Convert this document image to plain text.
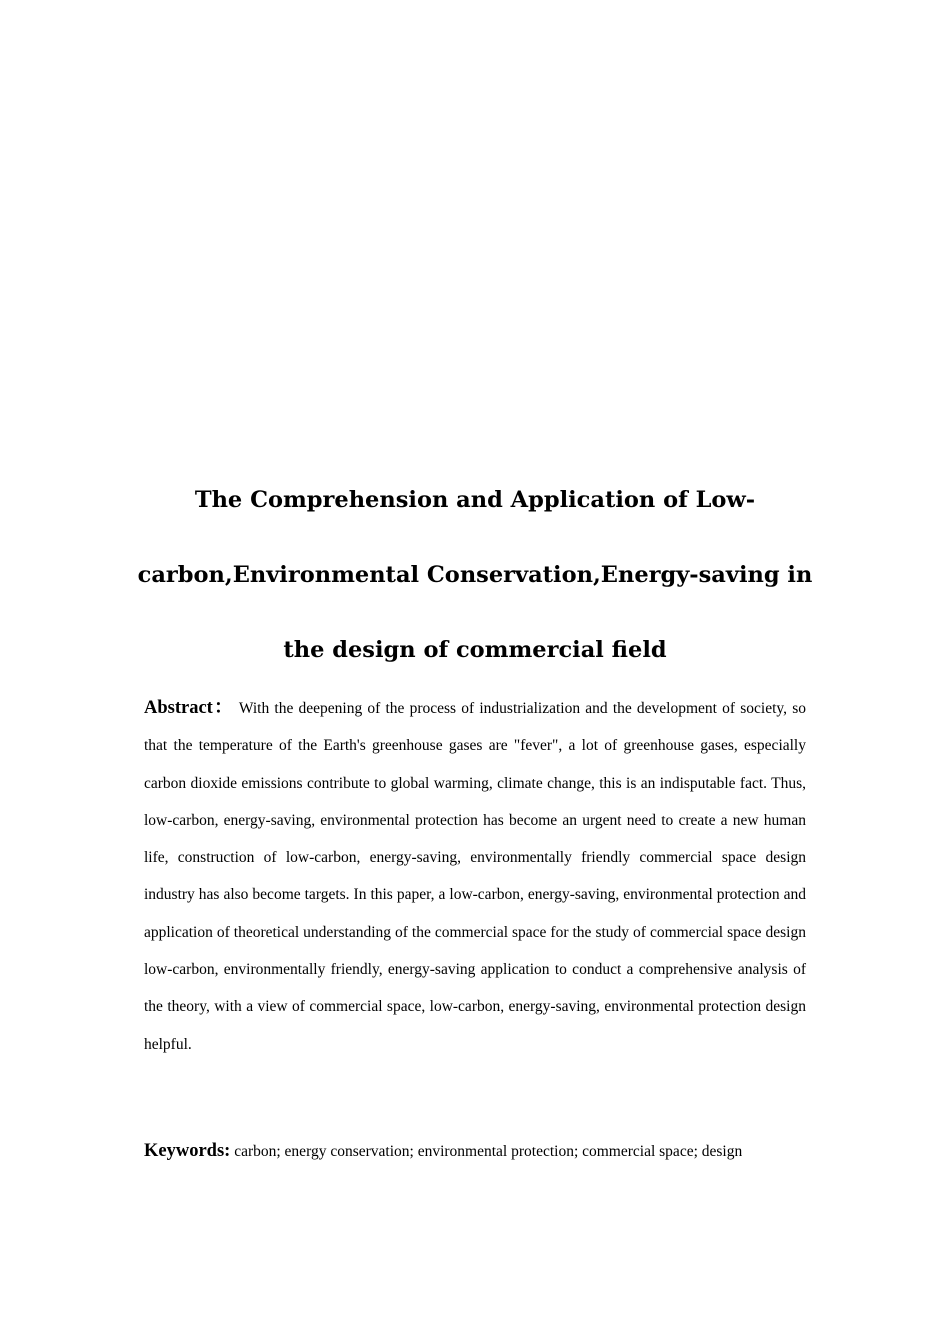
The Comprehension and Application of Low-
carbon,Environmental Conservation,Energy-saving in
the design of commercial field

Abstract： With the deepening of the process of industrialization and the development of society, so that the temperature of the Earth's greenhouse gases are "fever", a lot of greenhouse gases, especially carbon dioxide emissions contribute to global warming, climate change, this is an indisputable fact. Thus, low-carbon, energy-saving, environmental protection has become an urgent need to create a new human life, construction of low-carbon, energy-saving, environmentally friendly commercial space design industry has also become targets. In this paper, a low-carbon, energy-saving, environmental protection and application of theoretical understanding of the commercial space for the study of commercial space design low-carbon, environmentally friendly, energy-saving application to conduct a comprehensive analysis of the theory, with a view of commercial space, low-carbon, energy-saving, environmental protection design helpful.

Keywords: carbon; energy conservation; environmental protection; commercial space; design
